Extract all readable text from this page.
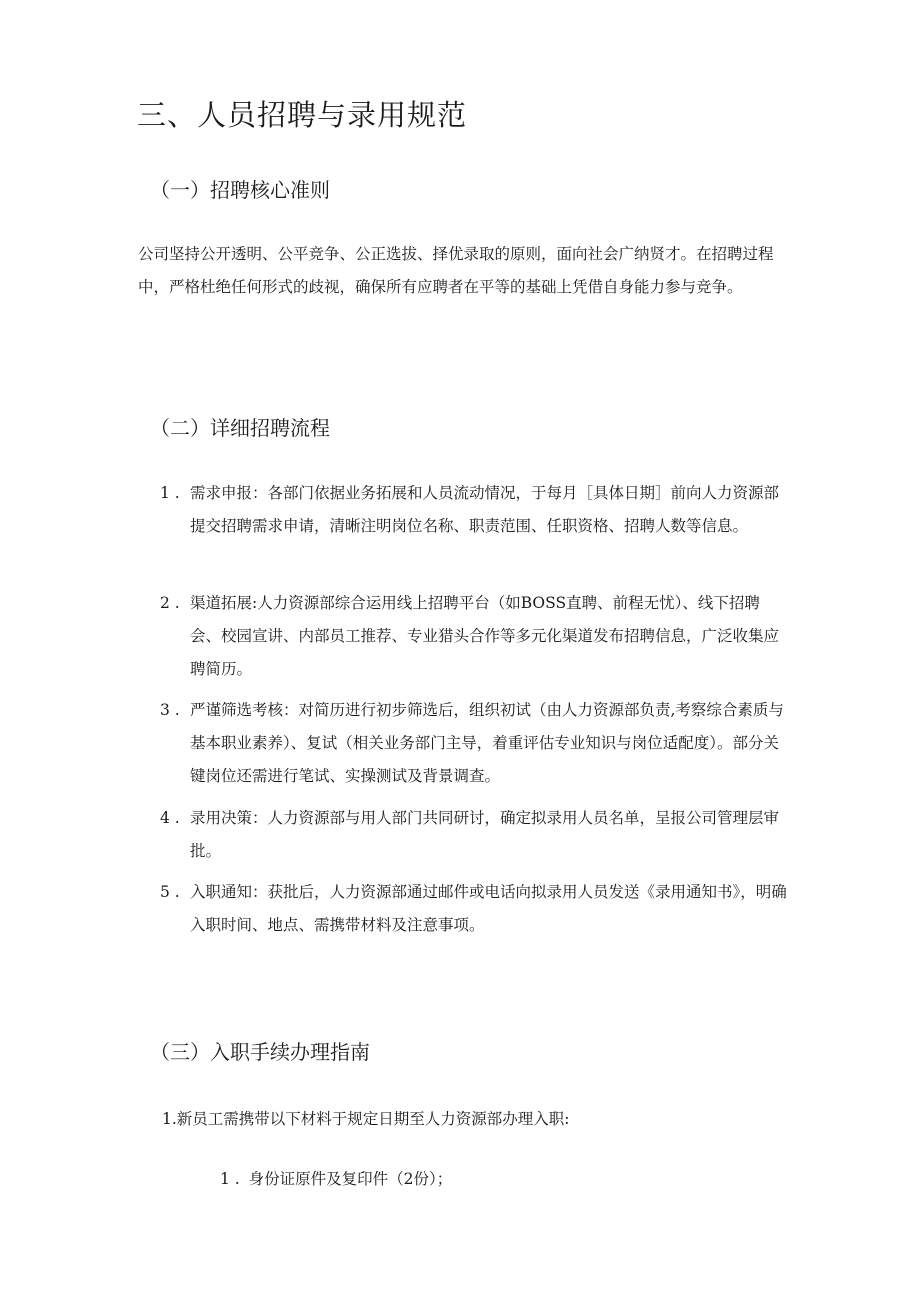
三、人员招聘与录用规范
（一）招聘核心准则
公司坚持公开透明、公平竞争、公正选拔、择优录取的原则，面向社会广纳贤才。在招聘过程中，严格杜绝任何形式的歧视，确保所有应聘者在平等的基础上凭借自身能力参与竞争。
（二）详细招聘流程
1 . 需求申报：各部门依据业务拓展和人员流动情况，于每月［具体日期］前向人力资源部提交招聘需求申请，清晰注明岗位名称、职责范围、任职资格、招聘人数等信息。
2 . 渠道拓展:人力资源部综合运用线上招聘平台（如BOSS直聘、前程无忧）、线下招聘会、校园宣讲、内部员工推荐、专业猎头合作等多元化渠道发布招聘信息，广泛收集应聘简历。
3 . 严谨筛选考核：对简历进行初步筛选后，组织初试（由人力资源部负责,考察综合素质与基本职业素养）、复试（相关业务部门主导，着重评估专业知识与岗位适配度）。部分关键岗位还需进行笔试、实操测试及背景调查。
4 . 录用决策：人力资源部与用人部门共同研讨，确定拟录用人员名单，呈报公司管理层审批。
5 . 入职通知：获批后，人力资源部通过邮件或电话向拟录用人员发送《录用通知书》，明确入职时间、地点、需携带材料及注意事项。
（三）入职手续办理指南
1.新员工需携带以下材料于规定日期至人力资源部办理入职:
1 . 身份证原件及复印件（2份）；
